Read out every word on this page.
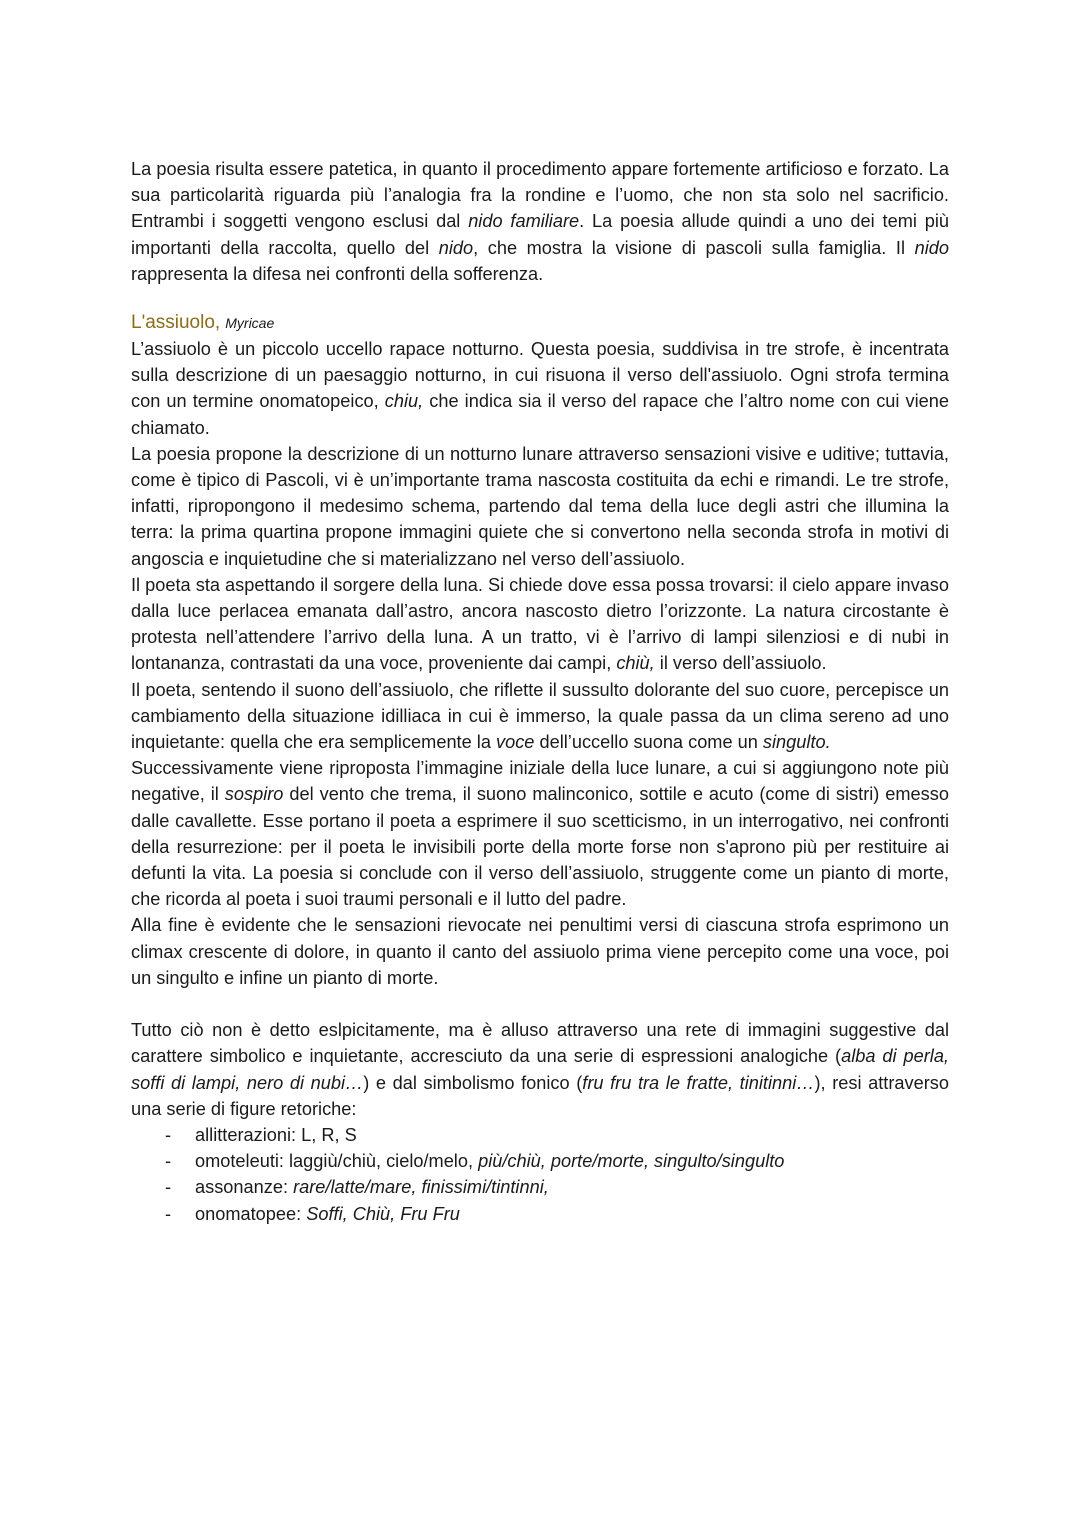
La poesia risulta essere patetica, in quanto il procedimento appare fortemente artificioso e forzato. La sua particolarità riguarda più l’analogia fra la rondine e l’uomo, che non sta solo nel sacrificio. Entrambi i soggetti vengono esclusi dal nido familiare. La poesia allude quindi a uno dei temi più importanti della raccolta, quello del nido, che mostra la visione di pascoli sulla famiglia. Il nido rappresenta la difesa nei confronti della sofferenza.

L'assiuolo, Myricae

L’assiuolo è un piccolo uccello rapace notturno. Questa poesia, suddivisa in tre strofe, è incentrata sulla descrizione di un paesaggio notturno, in cui risuona il verso dell'assiuolo. Ogni strofa termina con un termine onomatopeico, chiu, che indica sia il verso del rapace che l’altro nome con cui viene chiamato.

La poesia propone la descrizione di un notturno lunare attraverso sensazioni visive e uditive; tuttavia, come è tipico di Pascoli, vi è un’importante trama nascosta costituita da echi e rimandi. Le tre strofe, infatti, ripropongono il medesimo schema, partendo dal tema della luce degli astri che illumina la terra: la prima quartina propone immagini quiete che si convertono nella seconda strofa in motivi di angoscia e inquietudine che si materializzano nel verso dell’assiuolo.

Il poeta sta aspettando il sorgere della luna. Si chiede dove essa possa trovarsi: il cielo appare invaso dalla luce perlacea emanata dall’astro, ancora nascosto dietro l’orizzonte. La natura circostante è protesta nell’attendere l’arrivo della luna. A un tratto, vi è l’arrivo di lampi silenziosi e di nubi in lontananza, contrastati da una voce, proveniente dai campi, chiù, il verso dell’assiuolo.

Il poeta, sentendo il suono dell’assiuolo, che riflette il sussulto dolorante del suo cuore, percepisce un cambiamento della situazione idilliaca in cui è immerso, la quale passa da un clima sereno ad uno inquietante: quella che era semplicemente la voce dell’uccello suona come un singulto.

Successivamente viene riproposta l’immagine iniziale della luce lunare, a cui si aggiungono note più negative, il sospiro del vento che trema, il suono malinconico, sottile e acuto (come di sistri) emesso dalle cavallette. Esse portano il poeta a esprimere il suo scetticismo, in un interrogativo, nei confronti della resurrezione: per il poeta le invisibili porte della morte forse non s'aprono più per restituire ai defunti la vita. La poesia si conclude con il verso dell’assiuolo, struggente come un pianto di morte, che ricorda al poeta i suoi traumi personali e il lutto del padre.

Alla fine è evidente che le sensazioni rievocate nei penultimi versi di ciascuna strofa esprimono un climax crescente di dolore, in quanto il canto del assiuolo prima viene percepito come una voce, poi un singulto e infine un pianto di morte.

Tutto ciò non è detto eslpicitamente, ma è alluso attraverso una rete di immagini suggestive dal carattere simbolico e inquietante, accresciuto da una serie di espressioni analogiche (alba di perla, soffi di lampi, nero di nubi…) e dal simbolismo fonico (fru fru tra le fratte, tinitinni…), resi attraverso una serie di figure retoriche:

- allitterazioni: L, R, S
- omoteleuti: laggiù/chiù, cielo/melo, più/chiù, porte/morte, singulto/singulto
- assonanze: rare/latte/mare, finissimi/tintinni,
- onomatopee: Soffi, Chiù, Fru Fru
